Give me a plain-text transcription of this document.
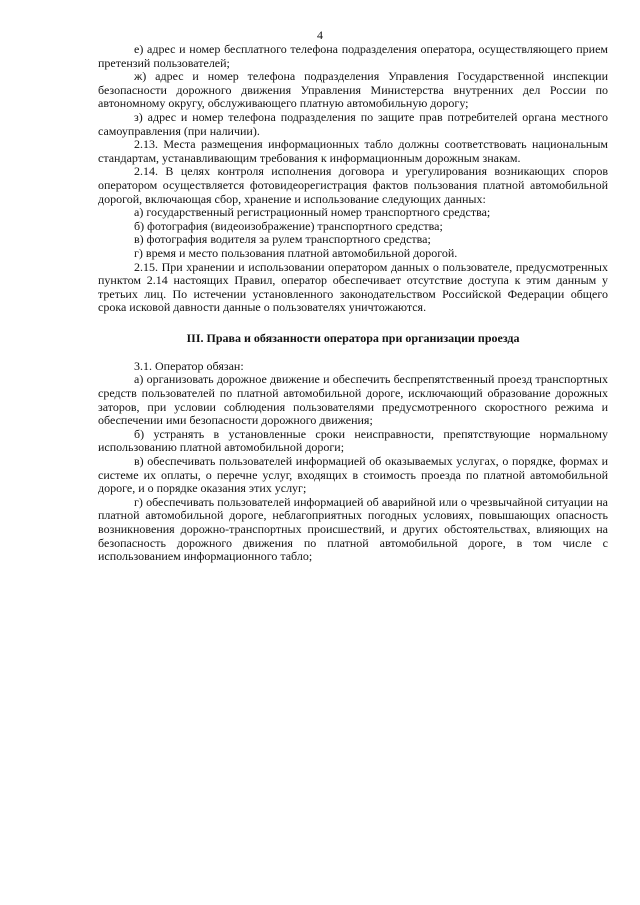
4

е) адрес и номер бесплатного телефона подразделения оператора, осуществляющего прием претензий пользователей;

ж) адрес и номер телефона подразделения Управления Государственной инспекции безопасности дорожного движения Управления Министерства внутренних дел России по автономному округу, обслуживающего платную автомобильную дорогу;

з) адрес и номер телефона подразделения по защите прав потребителей органа местного самоуправления (при наличии).

2.13. Места размещения информационных табло должны соответствовать национальным стандартам, устанавливающим требования к информационным дорожным знакам.

2.14. В целях контроля исполнения договора и урегулирования возникающих споров оператором осуществляется фотовидеорегистрация фактов пользования платной автомобильной дорогой, включающая сбор, хранение и использование следующих данных:

а) государственный регистрационный номер транспортного средства;

б) фотография (видеоизображение) транспортного средства;

в) фотография водителя за рулем транспортного средства;

г) время и место пользования платной автомобильной дорогой.

2.15. При хранении и использовании оператором данных о пользователе, предусмотренных пунктом 2.14 настоящих Правил, оператор обеспечивает отсутствие доступа к этим данным у третьих лиц. По истечении установленного законодательством Российской Федерации общего срока исковой давности данные о пользователях уничтожаются.

III. Права и обязанности оператора при организации проезда

3.1. Оператор обязан:

а) организовать дорожное движение и обеспечить беспрепятственный проезд транспортных средств пользователей по платной автомобильной дороге, исключающий образование дорожных заторов, при условии соблюдения пользователями предусмотренного скоростного режима и обеспечении ими безопасности дорожного движения;

б) устранять в установленные сроки неисправности, препятствующие нормальному использованию платной автомобильной дороги;

в) обеспечивать пользователей информацией об оказываемых услугах, о порядке, формах и системе их оплаты, о перечне услуг, входящих в стоимость проезда по платной автомобильной дороге, и о порядке оказания этих услуг;

г) обеспечивать пользователей информацией об аварийной или о чрезвычайной ситуации на платной автомобильной дороге, неблагоприятных погодных условиях, повышающих опасность возникновения дорожно-транспортных происшествий, и других обстоятельствах, влияющих на безопасность дорожного движения по платной автомобильной дороге, в том числе с использованием информационного табло;
